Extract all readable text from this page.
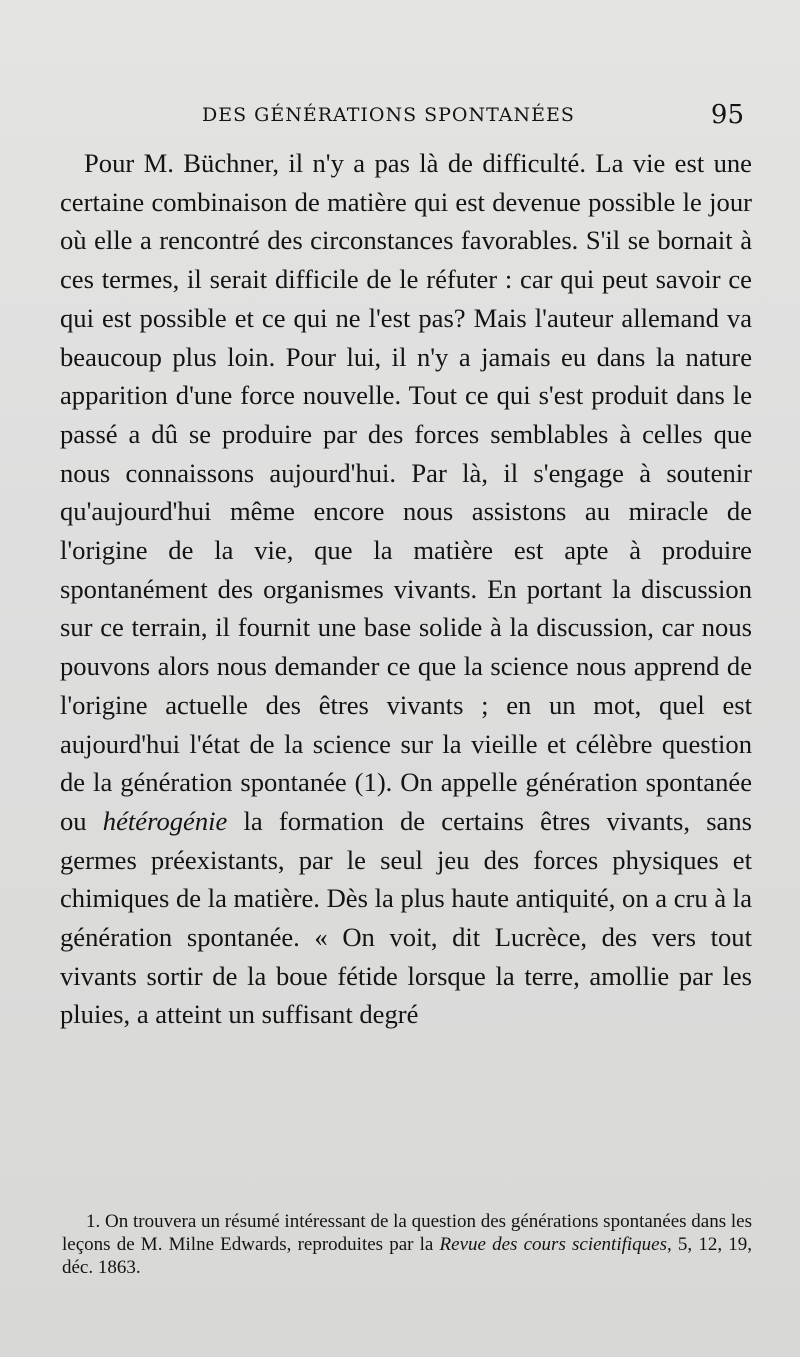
DES GÉNÉRATIONS SPONTANÉES	95

Pour M. Büchner, il n'y a pas là de difficulté. La vie est une certaine combinaison de matière qui est devenue possible le jour où elle a rencontré des circonstances favorables. S'il se bornait à ces termes, il serait difficile de le réfuter : car qui peut savoir ce qui est possible et ce qui ne l'est pas? Mais l'auteur allemand va beaucoup plus loin. Pour lui, il n'y a jamais eu dans la nature apparition d'une force nouvelle. Tout ce qui s'est produit dans le passé a dû se produire par des forces semblables à celles que nous connaissons aujourd'hui. Par là, il s'engage à soutenir qu'aujourd'hui même encore nous assistons au miracle de l'origine de la vie, que la matière est apte à produire spontanément des organismes vivants. En portant la discussion sur ce terrain, il fournit une base solide à la discussion, car nous pouvons alors nous demander ce que la science nous apprend de l'origine actuelle des êtres vivants ; en un mot, quel est aujourd'hui l'état de la science sur la vieille et célèbre question de la génération spontanée (1). On appelle génération spontanée ou hétérogénie la formation de certains êtres vivants, sans germes préexistants, par le seul jeu des forces physiques et chimiques de la matière. Dès la plus haute antiquité, on a cru à la génération spontanée. « On voit, dit Lucrèce, des vers tout vivants sortir de la boue fétide lorsque la terre, amollie par les pluies, a atteint un suffisant degré

1. On trouvera un résumé intéressant de la question des générations spontanées dans les leçons de M. Milne Edwards, reproduites par la Revue des cours scientifiques, 5, 12, 19, déc. 1863.
